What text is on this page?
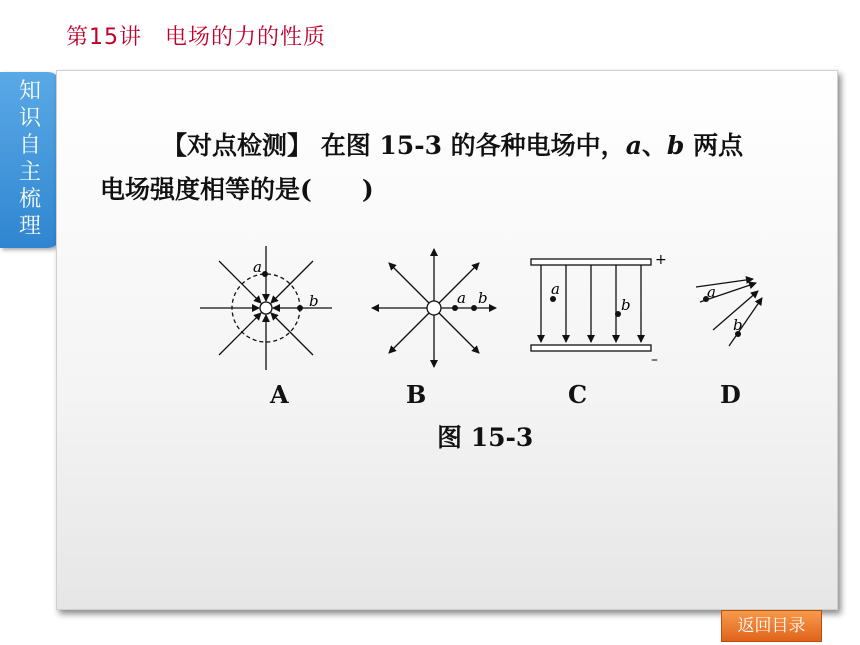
第15讲　电场的力的性质
知识自主梳理
【对点检测】 在图 15-3 的各种电场中，a、b 两点
电场强度相等的是(　　)
a
b	a b	a
b
+
–
a
b
A	B	C	D
图 15-3
返回目录
